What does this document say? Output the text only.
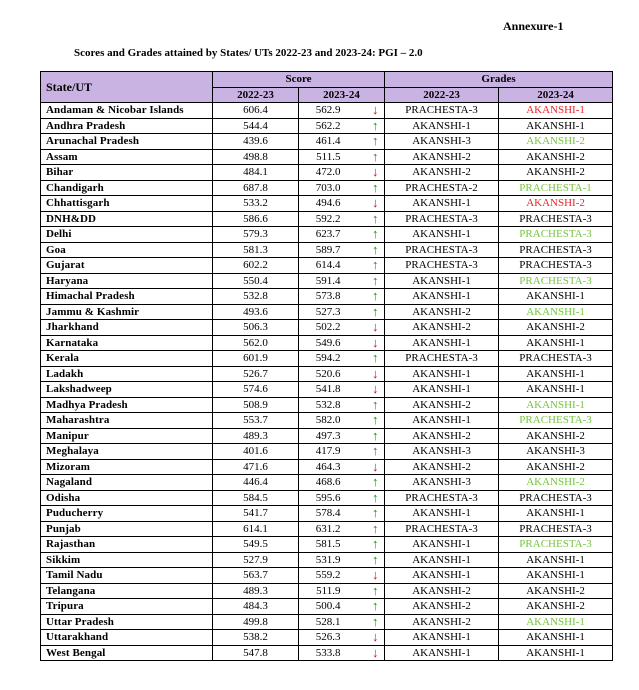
Annexure-1
Scores and Grades attained by States/ UTs 2022-23 and 2023-24: PGI – 2.0
State/UT	Score			Grades	
	2022-23	2023-24		2022-23	2023-24
Andaman & Nicobar Islands	606.4	562.9	↓	PRACHESTA-3	AKANSHI-1
Andhra Pradesh	544.4	562.2	↑	AKANSHI-1	AKANSHI-1
Arunachal Pradesh	439.6	461.4	↑	AKANSHI-3	AKANSHI-2
Assam	498.8	511.5	↑	AKANSHI-2	AKANSHI-2
Bihar	484.1	472.0	↓	AKANSHI-2	AKANSHI-2
Chandigarh	687.8	703.0	↑	PRACHESTA-2	PRACHESTA-1
Chhattisgarh	533.2	494.6	↓	AKANSHI-1	AKANSHI-2
DNH&DD	586.6	592.2	↑	PRACHESTA-3	PRACHESTA-3
Delhi	579.3	623.7	↑	AKANSHI-1	PRACHESTA-3
Goa	581.3	589.7	↑	PRACHESTA-3	PRACHESTA-3
Gujarat	602.2	614.4	↑	PRACHESTA-3	PRACHESTA-3
Haryana	550.4	591.4	↑	AKANSHI-1	PRACHESTA-3
Himachal Pradesh	532.8	573.8	↑	AKANSHI-1	AKANSHI-1
Jammu & Kashmir	493.6	527.3	↑	AKANSHI-2	AKANSHI-1
Jharkhand	506.3	502.2	↓	AKANSHI-2	AKANSHI-2
Karnataka	562.0	549.6	↓	AKANSHI-1	AKANSHI-1
Kerala	601.9	594.2	↑	PRACHESTA-3	PRACHESTA-3
Ladakh	526.7	520.6	↓	AKANSHI-1	AKANSHI-1
Lakshadweep	574.6	541.8	↓	AKANSHI-1	AKANSHI-1
Madhya Pradesh	508.9	532.8	↑	AKANSHI-2	AKANSHI-1
Maharashtra	553.7	582.0	↑	AKANSHI-1	PRACHESTA-3
Manipur	489.3	497.3	↑	AKANSHI-2	AKANSHI-2
Meghalaya	401.6	417.9	↑	AKANSHI-3	AKANSHI-3
Mizoram	471.6	464.3	↓	AKANSHI-2	AKANSHI-2
Nagaland	446.4	468.6	↑	AKANSHI-3	AKANSHI-2
Odisha	584.5	595.6	↑	PRACHESTA-3	PRACHESTA-3
Puducherry	541.7	578.4	↑	AKANSHI-1	AKANSHI-1
Punjab	614.1	631.2	↑	PRACHESTA-3	PRACHESTA-3
Rajasthan	549.5	581.5	↑	AKANSHI-1	PRACHESTA-3
Sikkim	527.9	531.9	↑	AKANSHI-1	AKANSHI-1
Tamil Nadu	563.7	559.2	↓	AKANSHI-1	AKANSHI-1
Telangana	489.3	511.9	↑	AKANSHI-2	AKANSHI-2
Tripura	484.3	500.4	↑	AKANSHI-2	AKANSHI-2
Uttar Pradesh	499.8	528.1	↑	AKANSHI-2	AKANSHI-1
Uttarakhand	538.2	526.3	↓	AKANSHI-1	AKANSHI-1
West Bengal	547.8	533.8	↓	AKANSHI-1	AKANSHI-1
